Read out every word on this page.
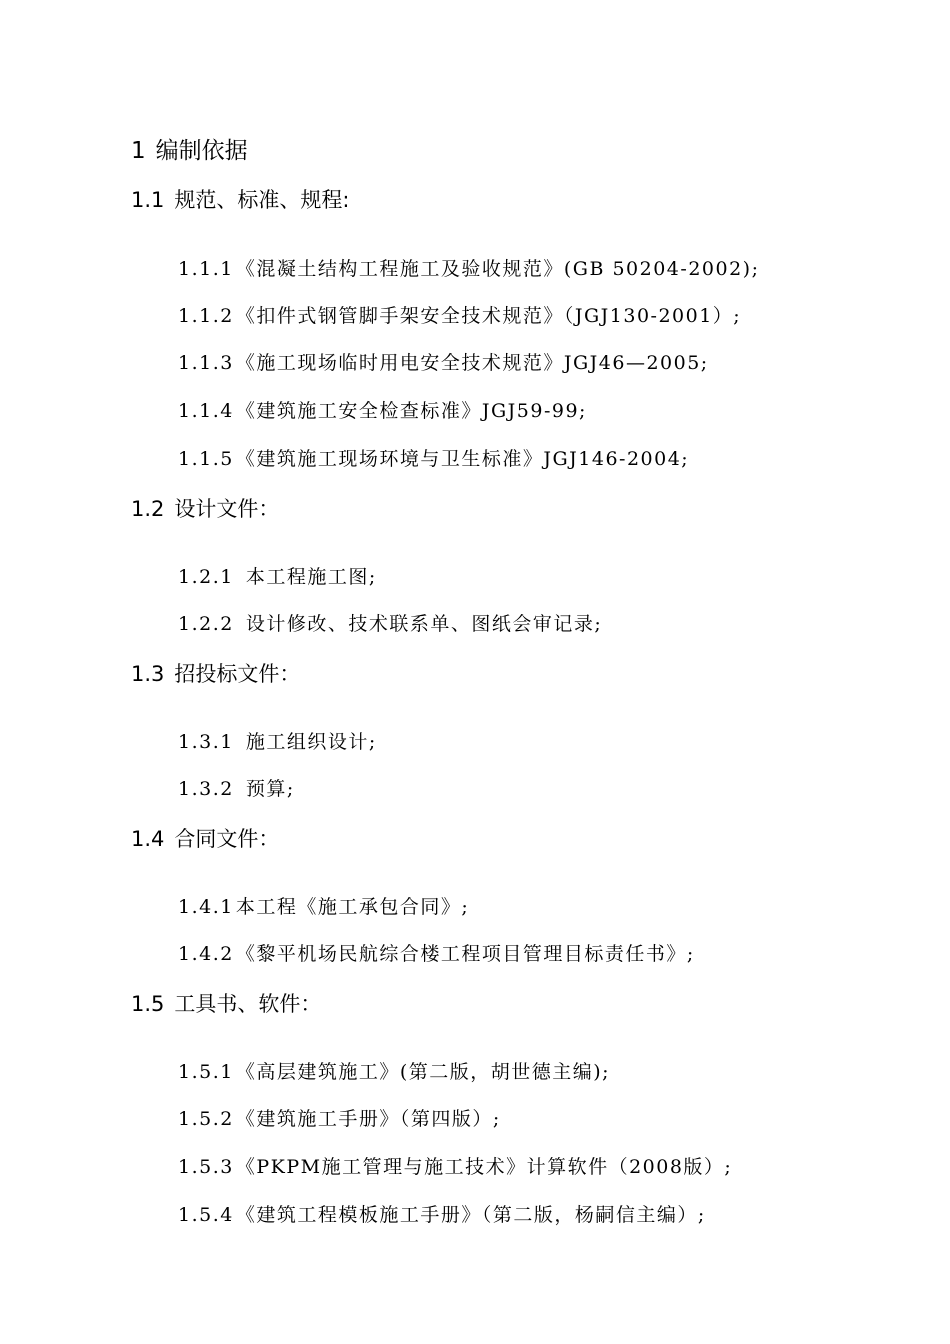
1 编制依据
1.1 规范、标准、规程:
1.1.1 《混凝土结构工程施工及验收规范》(GB 50204-2002);
1.1.2 《扣件式钢管脚手架安全技术规范》（JGJ130-2001）;
1.1.3 《施工现场临时用电安全技术规范》JGJ46—2005;
1.1.4 《建筑施工安全检查标准》JGJ59-99;
1.1.5 《建筑施工现场环境与卫生标准》JGJ146-2004;
1.2 设计文件：
1.2.1 本工程施工图;
1.2.2 设计修改、技术联系单、图纸会审记录;
1.3 招投标文件：
1.3.1 施工组织设计;
1.3.2 预算;
1.4 合同文件：
1.4.1 本工程《施工承包合同》;
1.4.2 《黎平机场民航综合楼工程项目管理目标责任书》;
1.5 工具书、软件：
1.5.1 《高层建筑施工》(第二版，胡世德主编);
1.5.2 《建筑施工手册》（第四版）;
1.5.3 《PKPM施工管理与施工技术》计算软件（2008版）;
1.5.4 《建筑工程模板施工手册》（第二版，杨嗣信主编）;
